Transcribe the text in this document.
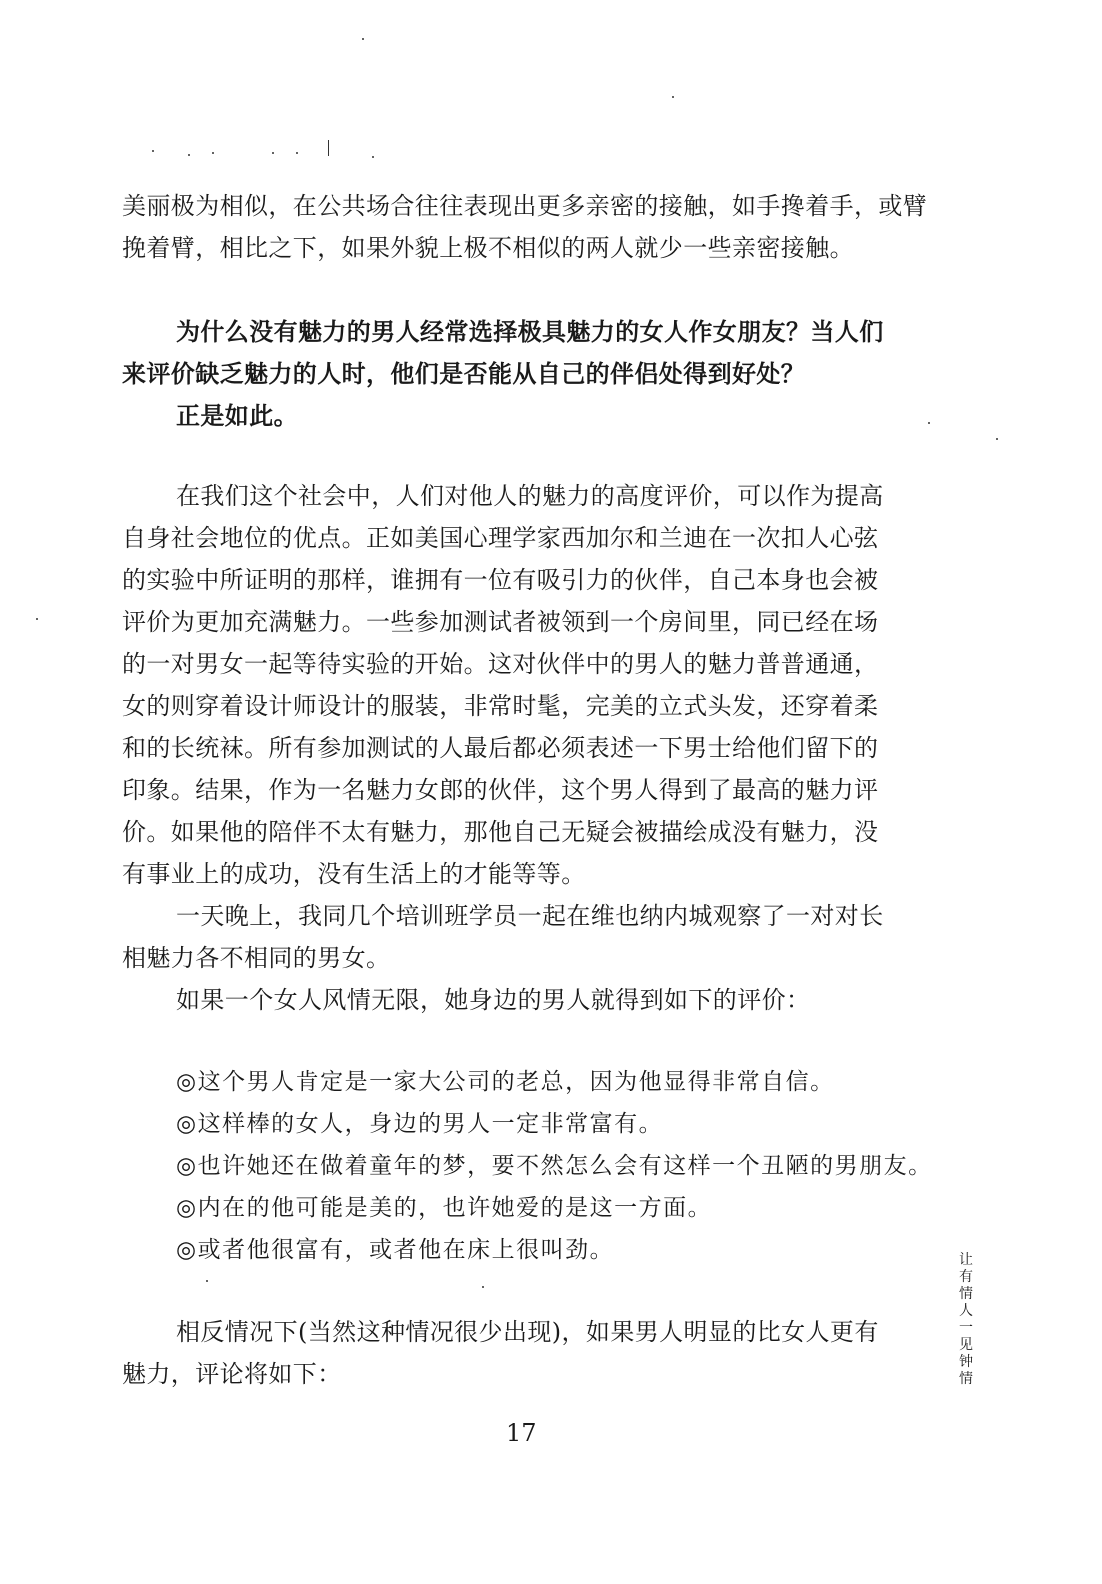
美丽极为相似，在公共场合往往表现出更多亲密的接触，如手搀着手，或臂
挽着臂，相比之下，如果外貌上极不相似的两人就少一些亲密接触。
为什么没有魅力的男人经常选择极具魅力的女人作女朋友？当人们
来评价缺乏魅力的人时，他们是否能从自己的伴侣处得到好处？
正是如此。
在我们这个社会中，人们对他人的魅力的高度评价，可以作为提高
自身社会地位的优点。正如美国心理学家西加尔和兰迪在一次扣人心弦
的实验中所证明的那样，谁拥有一位有吸引力的伙伴，自己本身也会被
评价为更加充满魅力。一些参加测试者被领到一个房间里，同已经在场
的一对男女一起等待实验的开始。这对伙伴中的男人的魅力普普通通，
女的则穿着设计师设计的服装，非常时髦，完美的立式头发，还穿着柔
和的长统袜。所有参加测试的人最后都必须表述一下男士给他们留下的
印象。结果，作为一名魅力女郎的伙伴，这个男人得到了最高的魅力评
价。如果他的陪伴不太有魅力，那他自己无疑会被描绘成没有魅力，没
有事业上的成功，没有生活上的才能等等。
一天晚上，我同几个培训班学员一起在维也纳内城观察了一对对长
相魅力各不相同的男女。
如果一个女人风情无限，她身边的男人就得到如下的评价：
◎这个男人肯定是一家大公司的老总，因为他显得非常自信。
◎这样棒的女人，身边的男人一定非常富有。
◎也许她还在做着童年的梦，要不然怎么会有这样一个丑陋的男朋友。
◎内在的他可能是美的，也许她爱的是这一方面。
◎或者他很富有，或者他在床上很叫劲。
相反情况下(当然这种情况很少出现)，如果男人明显的比女人更有
魅力，评论将如下：
让有情人一见钟情
17
